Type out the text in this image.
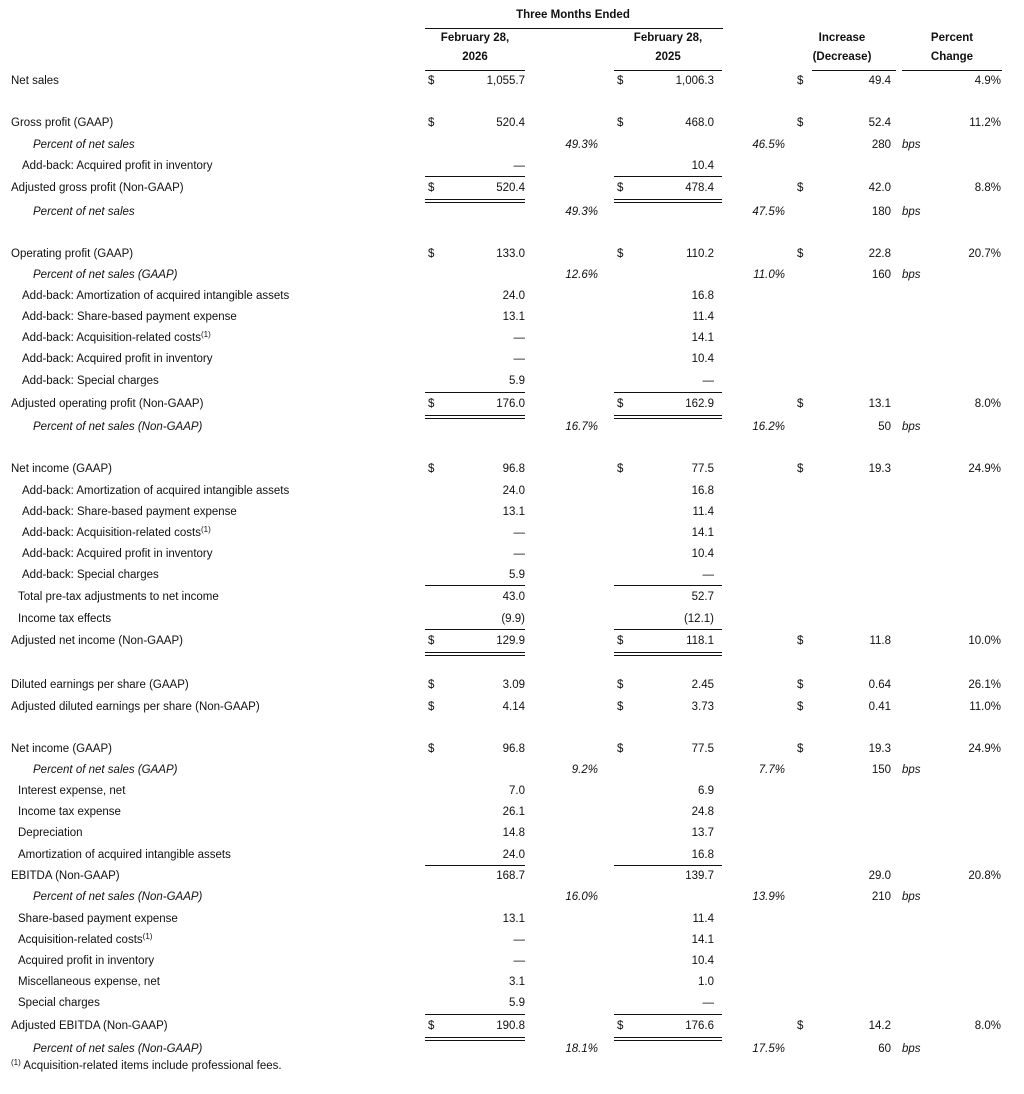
Three Months Ended
February 28,
2026
February 28,
2025
Increase
(Decrease)
Percent
Change
Net sales	$	1,055.7	$	1,006.3	$	49.4	4.9%
Gross profit (GAAP)	$	520.4	$	468.0	$	52.4	11.2%
Percent of net sales	49.3%	46.5%	280 bps
Add-back: Acquired profit in inventory	—	10.4
Adjusted gross profit (Non-GAAP)	$	520.4	$	478.4	$	42.0	8.8%
Percent of net sales	49.3%	47.5%	180 bps
Operating profit (GAAP)	$	133.0	$	110.2	$	22.8	20.7%
Percent of net sales (GAAP)	12.6%	11.0%	160 bps
Add-back: Amortization of acquired intangible assets	24.0	16.8
Add-back: Share-based payment expense	13.1	11.4
Add-back: Acquisition-related costs$^{(1)}$	—	14.1
Add-back: Acquired profit in inventory	—	10.4
Add-back: Special charges	5.9	—
Adjusted operating profit (Non-GAAP)	$	176.0	$	162.9	$	13.1	8.0%
Percent of net sales (Non-GAAP)	16.7%	16.2%	50 bps
Net income (GAAP)	$	96.8	$	77.5	$	19.3	24.9%
Add-back: Amortization of acquired intangible assets	24.0	16.8
Add-back: Share-based payment expense	13.1	11.4
Add-back: Acquisition-related costs$^{(1)}$	—	14.1
Add-back: Acquired profit in inventory	—	10.4
Add-back: Special charges	5.9	—
Total pre-tax adjustments to net income	43.0	52.7
Income tax effects	(9.9)	(12.1)
Adjusted net income (Non-GAAP)	$	129.9	$	118.1	$	11.8	10.0%
Diluted earnings per share (GAAP)	$	3.09	$	2.45	$	0.64	26.1%
Adjusted diluted earnings per share (Non-GAAP)	$	4.14	$	3.73	$	0.41	11.0%
Net income (GAAP)	$	96.8	$	77.5	$	19.3	24.9%
Percent of net sales (GAAP)	9.2%	7.7%	150 bps
Interest expense, net	7.0	6.9
Income tax expense	26.1	24.8
Depreciation	14.8	13.7
Amortization of acquired intangible assets	24.0	16.8
EBITDA (Non-GAAP)	168.7	139.7	29.0	20.8%
Percent of net sales (Non-GAAP)	16.0%	13.9%	210 bps
Share-based payment expense	13.1	11.4
Acquisition-related costs$^{(1)}$	—	14.1
Acquired profit in inventory	—	10.4
Miscellaneous expense, net	3.1	1.0
Special charges	5.9	—
Adjusted EBITDA (Non-GAAP)	$	190.8	$	176.6	$	14.2	8.0%
Percent of net sales (Non-GAAP)	18.1%	17.5%	60 bps
$^{(1)}$ Acquisition-related items include professional fees.
